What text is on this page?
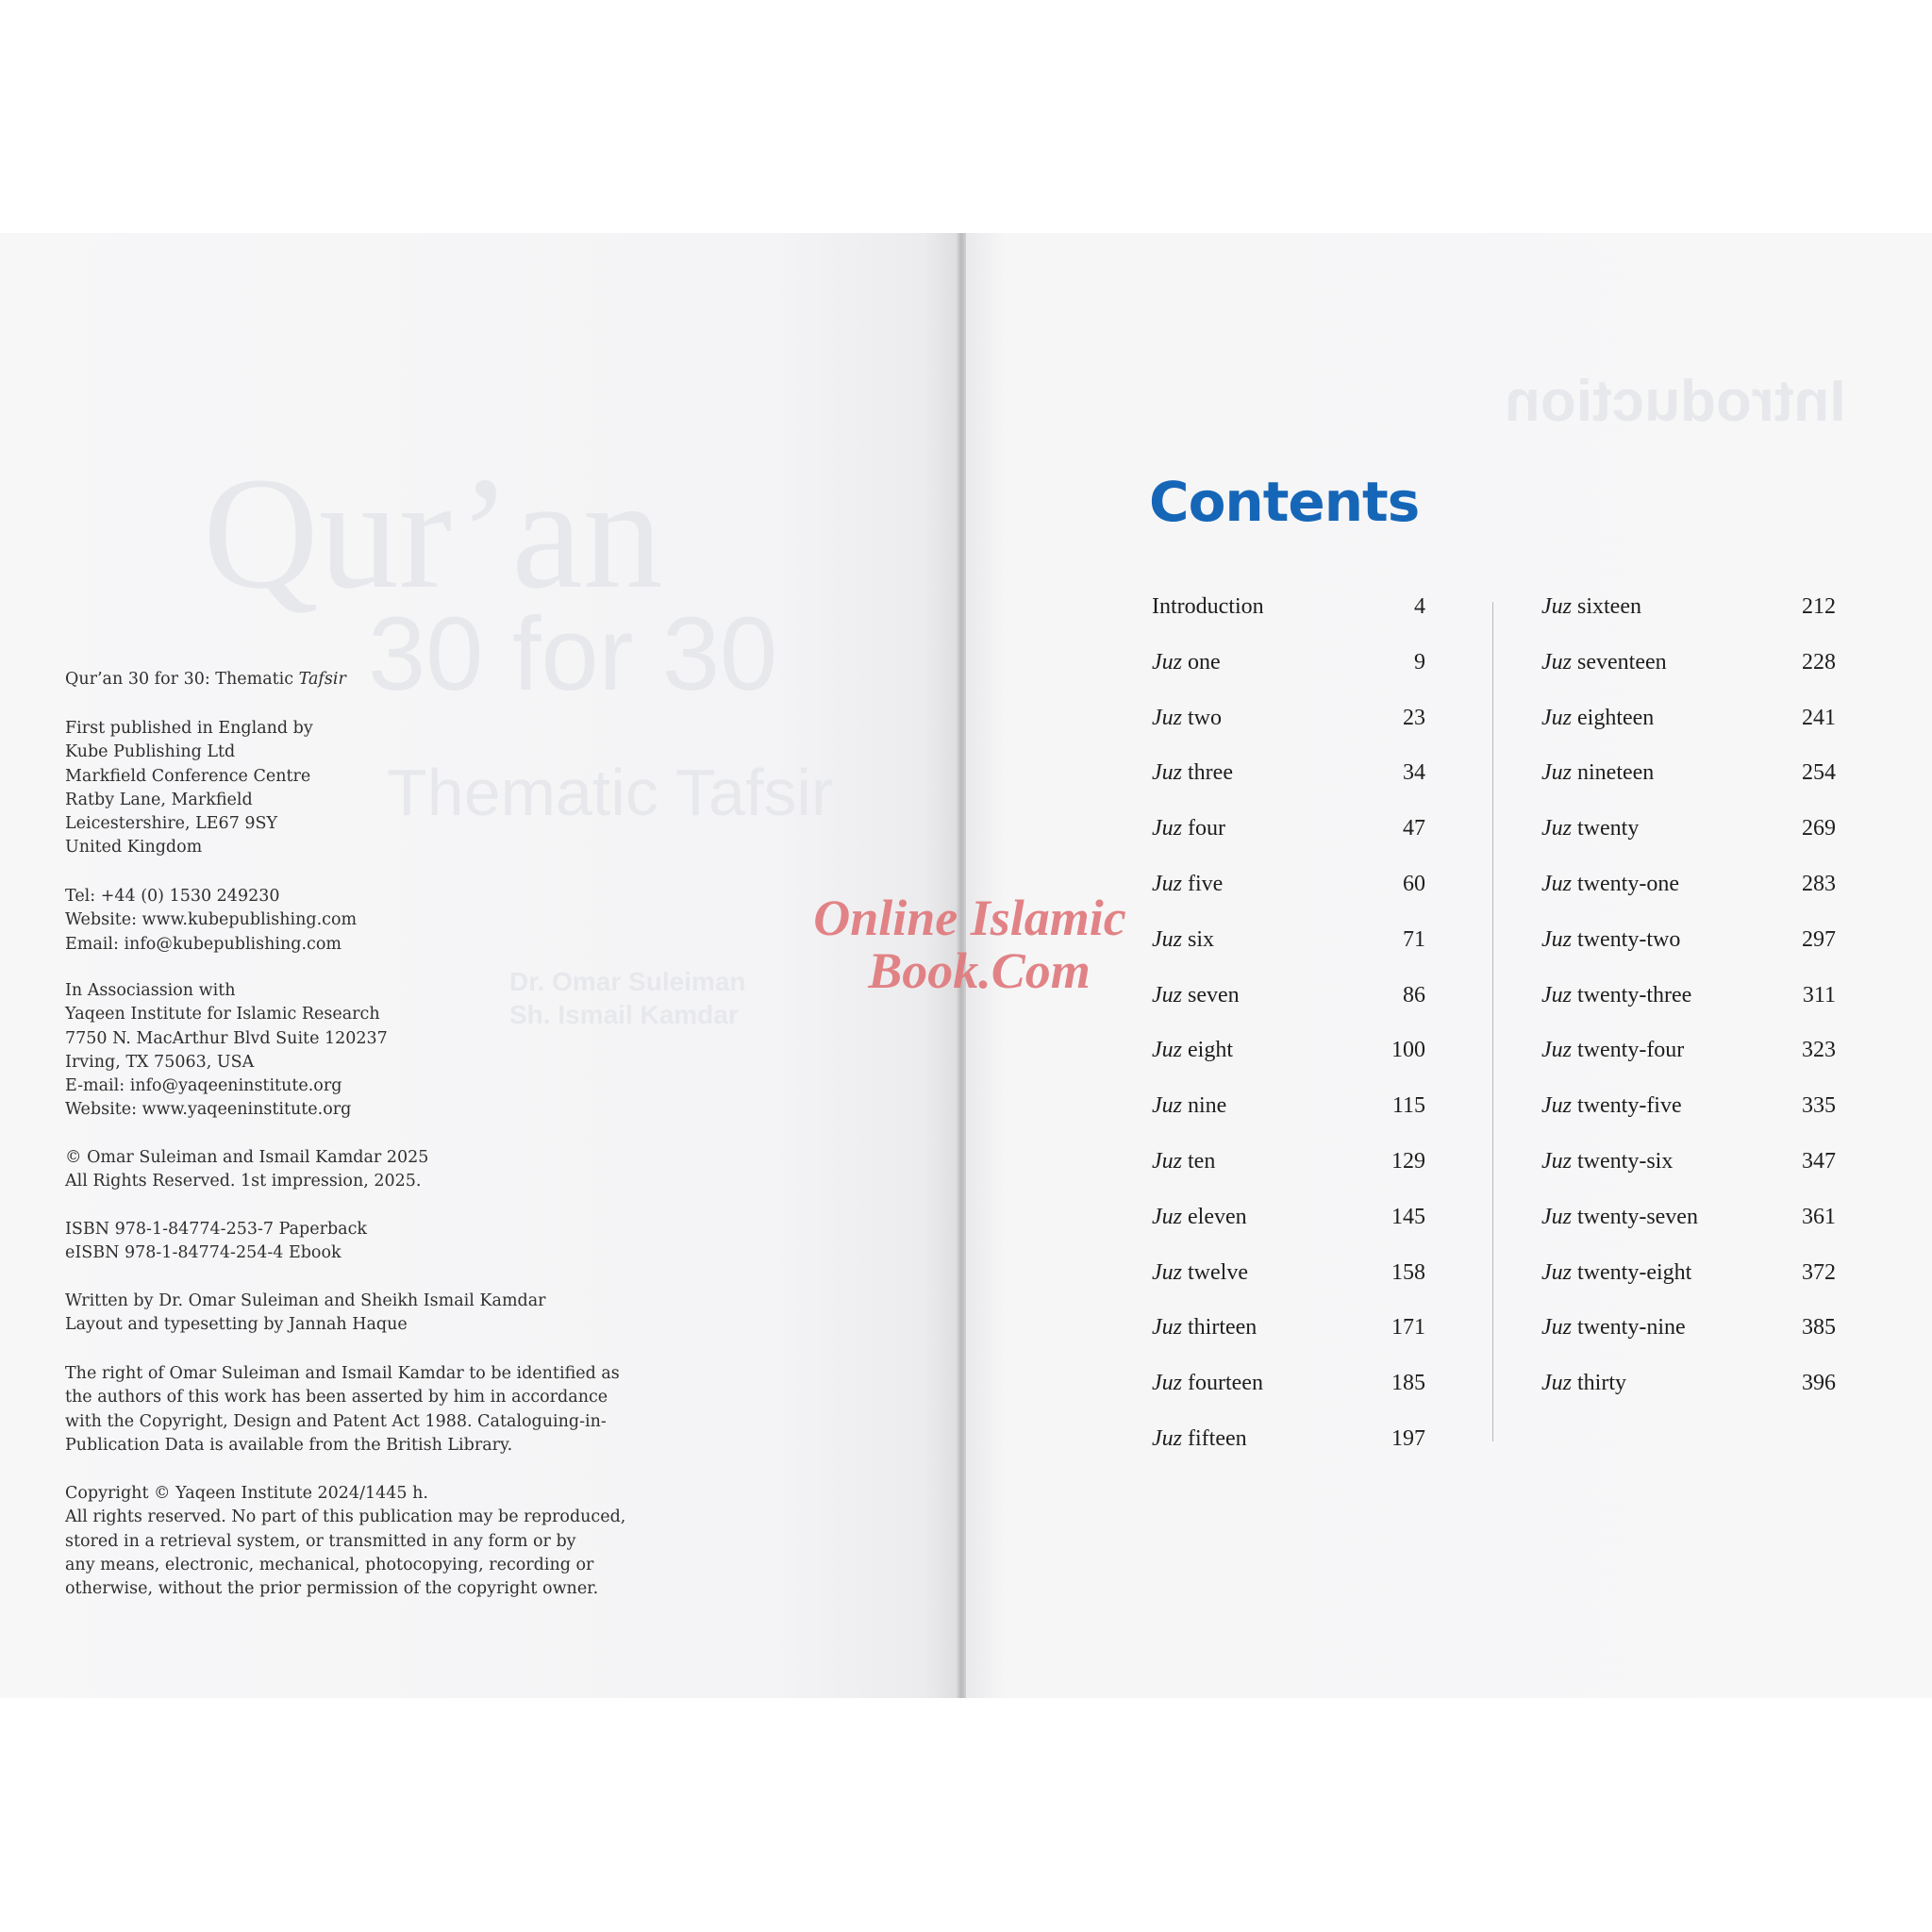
Qur’an
30 for 30
Thematic Tafsir
Dr. Omar Suleiman
Sh. Ismail Kamdar
Introduction
Qur’an 30 for 30: Thematic Tafsir
First published in England by
Kube Publishing Ltd
Markfield Conference Centre
Ratby Lane, Markfield
Leicestershire, LE67 9SY
United Kingdom
Tel: +44 (0) 1530 249230
Website: www.kubepublishing.com
Email: info@kubepublishing.com
In Associassion with
Yaqeen Institute for Islamic Research
7750 N. MacArthur Blvd Suite 120237
Irving, TX 75063, USA
E-mail: info@yaqeeninstitute.org
Website: www.yaqeeninstitute.org
© Omar Suleiman and Ismail Kamdar 2025
All Rights Reserved. 1st impression, 2025.
ISBN 978-1-84774-253-7 Paperback
eISBN 978-1-84774-254-4 Ebook
Written by Dr. Omar Suleiman and Sheikh Ismail Kamdar
Layout and typesetting by Jannah Haque
The right of Omar Suleiman and Ismail Kamdar to be identified as
the authors of this work has been asserted by him in accordance
with the Copyright, Design and Patent Act 1988. Cataloguing-in-
Publication Data is available from the British Library.
Copyright © Yaqeen Institute 2024/1445 h.
All rights reserved. No part of this publication may be reproduced,
stored in a retrieval system, or transmitted in any form or by
any means, electronic, mechanical, photocopying, recording or
otherwise, without the prior permission of the copyright owner.
Contents
Introduction	4
Juz one	9
Juz two	23
Juz three	34
Juz four	47
Juz five	60
Juz six	71
Juz seven	86
Juz eight	100
Juz nine	115
Juz ten	129
Juz eleven	145
Juz twelve	158
Juz thirteen	171
Juz fourteen	185
Juz fifteen	197
Juz sixteen	212
Juz seventeen	228
Juz eighteen	241
Juz nineteen	254
Juz twenty	269
Juz twenty-one	283
Juz twenty-two	297
Juz twenty-three	311
Juz twenty-four	323
Juz twenty-five	335
Juz twenty-six	347
Juz twenty-seven	361
Juz twenty-eight	372
Juz twenty-nine	385
Juz thirty	396
Online Islamic
Book.Com
